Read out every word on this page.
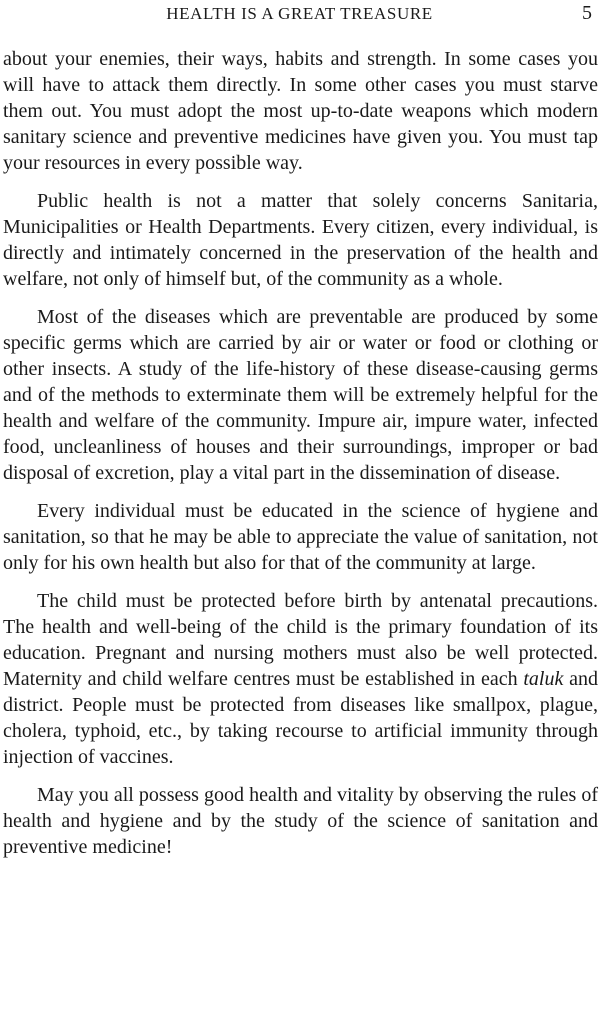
HEALTH IS A GREAT TREASURE	5

about your enemies, their ways, habits and strength. In some cases you will have to attack them directly. In some other cases you must starve them out. You must adopt the most up-to-date weapons which modern sanitary science and preventive medicines have given you. You must tap your resources in every possible way.

Public health is not a matter that solely concerns Sanitaria, Municipalities or Health Departments. Every citizen, every individual, is directly and intimately concerned in the preservation of the health and welfare, not only of himself but, of the community as a whole.

Most of the diseases which are preventable are produced by some specific germs which are carried by air or water or food or clothing or other insects. A study of the life-history of these disease-causing germs and of the methods to exterminate them will be extremely helpful for the health and welfare of the community. Impure air, impure water, infected food, uncleanliness of houses and their surroundings, improper or bad disposal of excretion, play a vital part in the dissemination of disease.

Every individual must be educated in the science of hygiene and sanitation, so that he may be able to appreciate the value of sanitation, not only for his own health but also for that of the community at large.

The child must be protected before birth by antenatal precautions. The health and well-being of the child is the primary foundation of its education. Pregnant and nursing mothers must also be well protected. Maternity and child welfare centres must be established in each taluk and district. People must be protected from diseases like smallpox, plague, cholera, typhoid, etc., by taking recourse to artificial immunity through injection of vaccines.

May you all possess good health and vitality by observing the rules of health and hygiene and by the study of the science of sanitation and preventive medicine!
